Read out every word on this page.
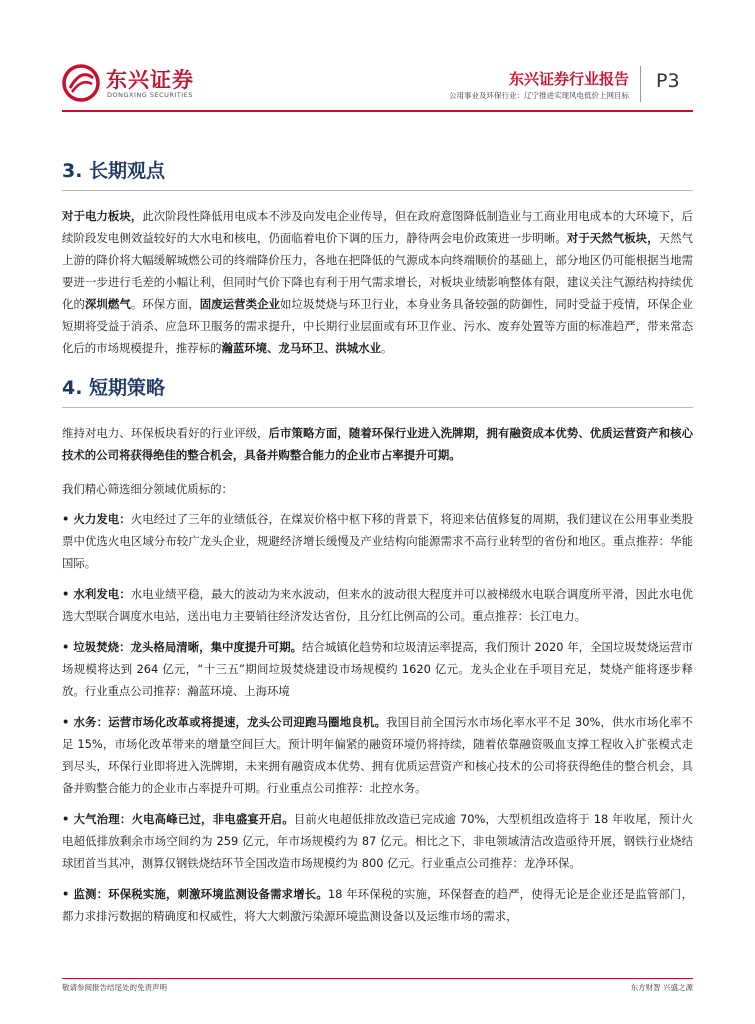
东兴证券
DONGXING SECURITIES
东兴证券行业报告
公用事业及环保行业：辽宁推进实现风电低价上网目标
P3
3. 长期观点

对于电力板块，此次阶段性降低用电成本不涉及向发电企业传导，但在政府意图降低制造业与工商业用电成本的大环境下，后续阶段发电侧效益较好的大水电和核电，仍面临着电价下调的压力，静待两会电价政策进一步明晰。对于天然气板块，天然气上游的降价将大幅缓解城燃公司的终端降价压力，各地在把降低的气源成本向终端顺价的基础上，部分地区仍可能根据当地需要进一步进行毛差的小幅让利，但同时气价下降也有利于用气需求增长，对板块业绩影响整体有限，建议关注气源结构持续优化的深圳燃气。环保方面，固废运营类企业如垃圾焚烧与环卫行业，本身业务具备较强的防御性，同时受益于疫情，环保企业短期将受益于消杀、应急环卫服务的需求提升，中长期行业层面或有环卫作业、污水、废弃处置等方面的标准趋严，带来常态化后的市场规模提升，推荐标的瀚蓝环境、龙马环卫、洪城水业。

4. 短期策略

维持对电力、环保板块看好的行业评级，后市策略方面，随着环保行业进入洗牌期，拥有融资成本优势、优质运营资产和核心技术的公司将获得绝佳的整合机会，具备并购整合能力的企业市占率提升可期。

我们精心筛选细分领域优质标的：

• 火力发电：火电经过了三年的业绩低谷，在煤炭价格中枢下移的背景下，将迎来估值修复的周期，我们建议在公用事业类股票中优选火电区域分布较广龙头企业，规避经济增长缓慢及产业结构向能源需求不高行业转型的省份和地区。重点推荐：华能国际。

• 水利发电：水电业绩平稳，最大的波动为来水波动，但来水的波动很大程度并可以被梯级水电联合调度所平滑，因此水电优选大型联合调度水电站，送出电力主要销往经济发达省份，且分红比例高的公司。重点推荐：长江电力。

• 垃圾焚烧：龙头格局清晰，集中度提升可期。结合城镇化趋势和垃圾清运率提高，我们预计 2020 年，全国垃圾焚烧运营市场规模将达到 264 亿元，“十三五”期间垃圾焚烧建设市场规模约 1620 亿元。龙头企业在手项目充足，焚烧产能将逐步释放。行业重点公司推荐：瀚蓝环境、上海环境

• 水务：运营市场化改革或将提速，龙头公司迎跑马圈地良机。我国目前全国污水市场化率水平不足 30%，供水市场化率不足 15%，市场化改革带来的增量空间巨大。预计明年偏紧的融资环境仍将持续，随着依靠融资吸血支撑工程收入扩张模式走到尽头，环保行业即将进入洗牌期，未来拥有融资成本优势、拥有优质运营资产和核心技术的公司将获得绝佳的整合机会，具备并购整合能力的企业市占率提升可期。行业重点公司推荐：北控水务。

• 大气治理：火电高峰已过，非电盛宴开启。目前火电超低排放改造已完成逾 70%，大型机组改造将于 18 年收尾，预计火电超低排放剩余市场空间约为 259 亿元，年市场规模约为 87 亿元。相比之下，非电领域清洁改造亟待开展，钢铁行业烧结球团首当其冲，测算仅钢铁烧结环节全国改造市场规模约为 800 亿元。行业重点公司推荐：龙净环保。

• 监测：环保税实施，刺激环境监测设备需求增长。18 年环保税的实施，环保督查的趋严，使得无论是企业还是监管部门，都力求排污数据的精确度和权威性，将大大刺激污染源环境监测设备以及运维市场的需求，

敬请参阅报告结尾处的免责声明	东方财智 兴盛之源
